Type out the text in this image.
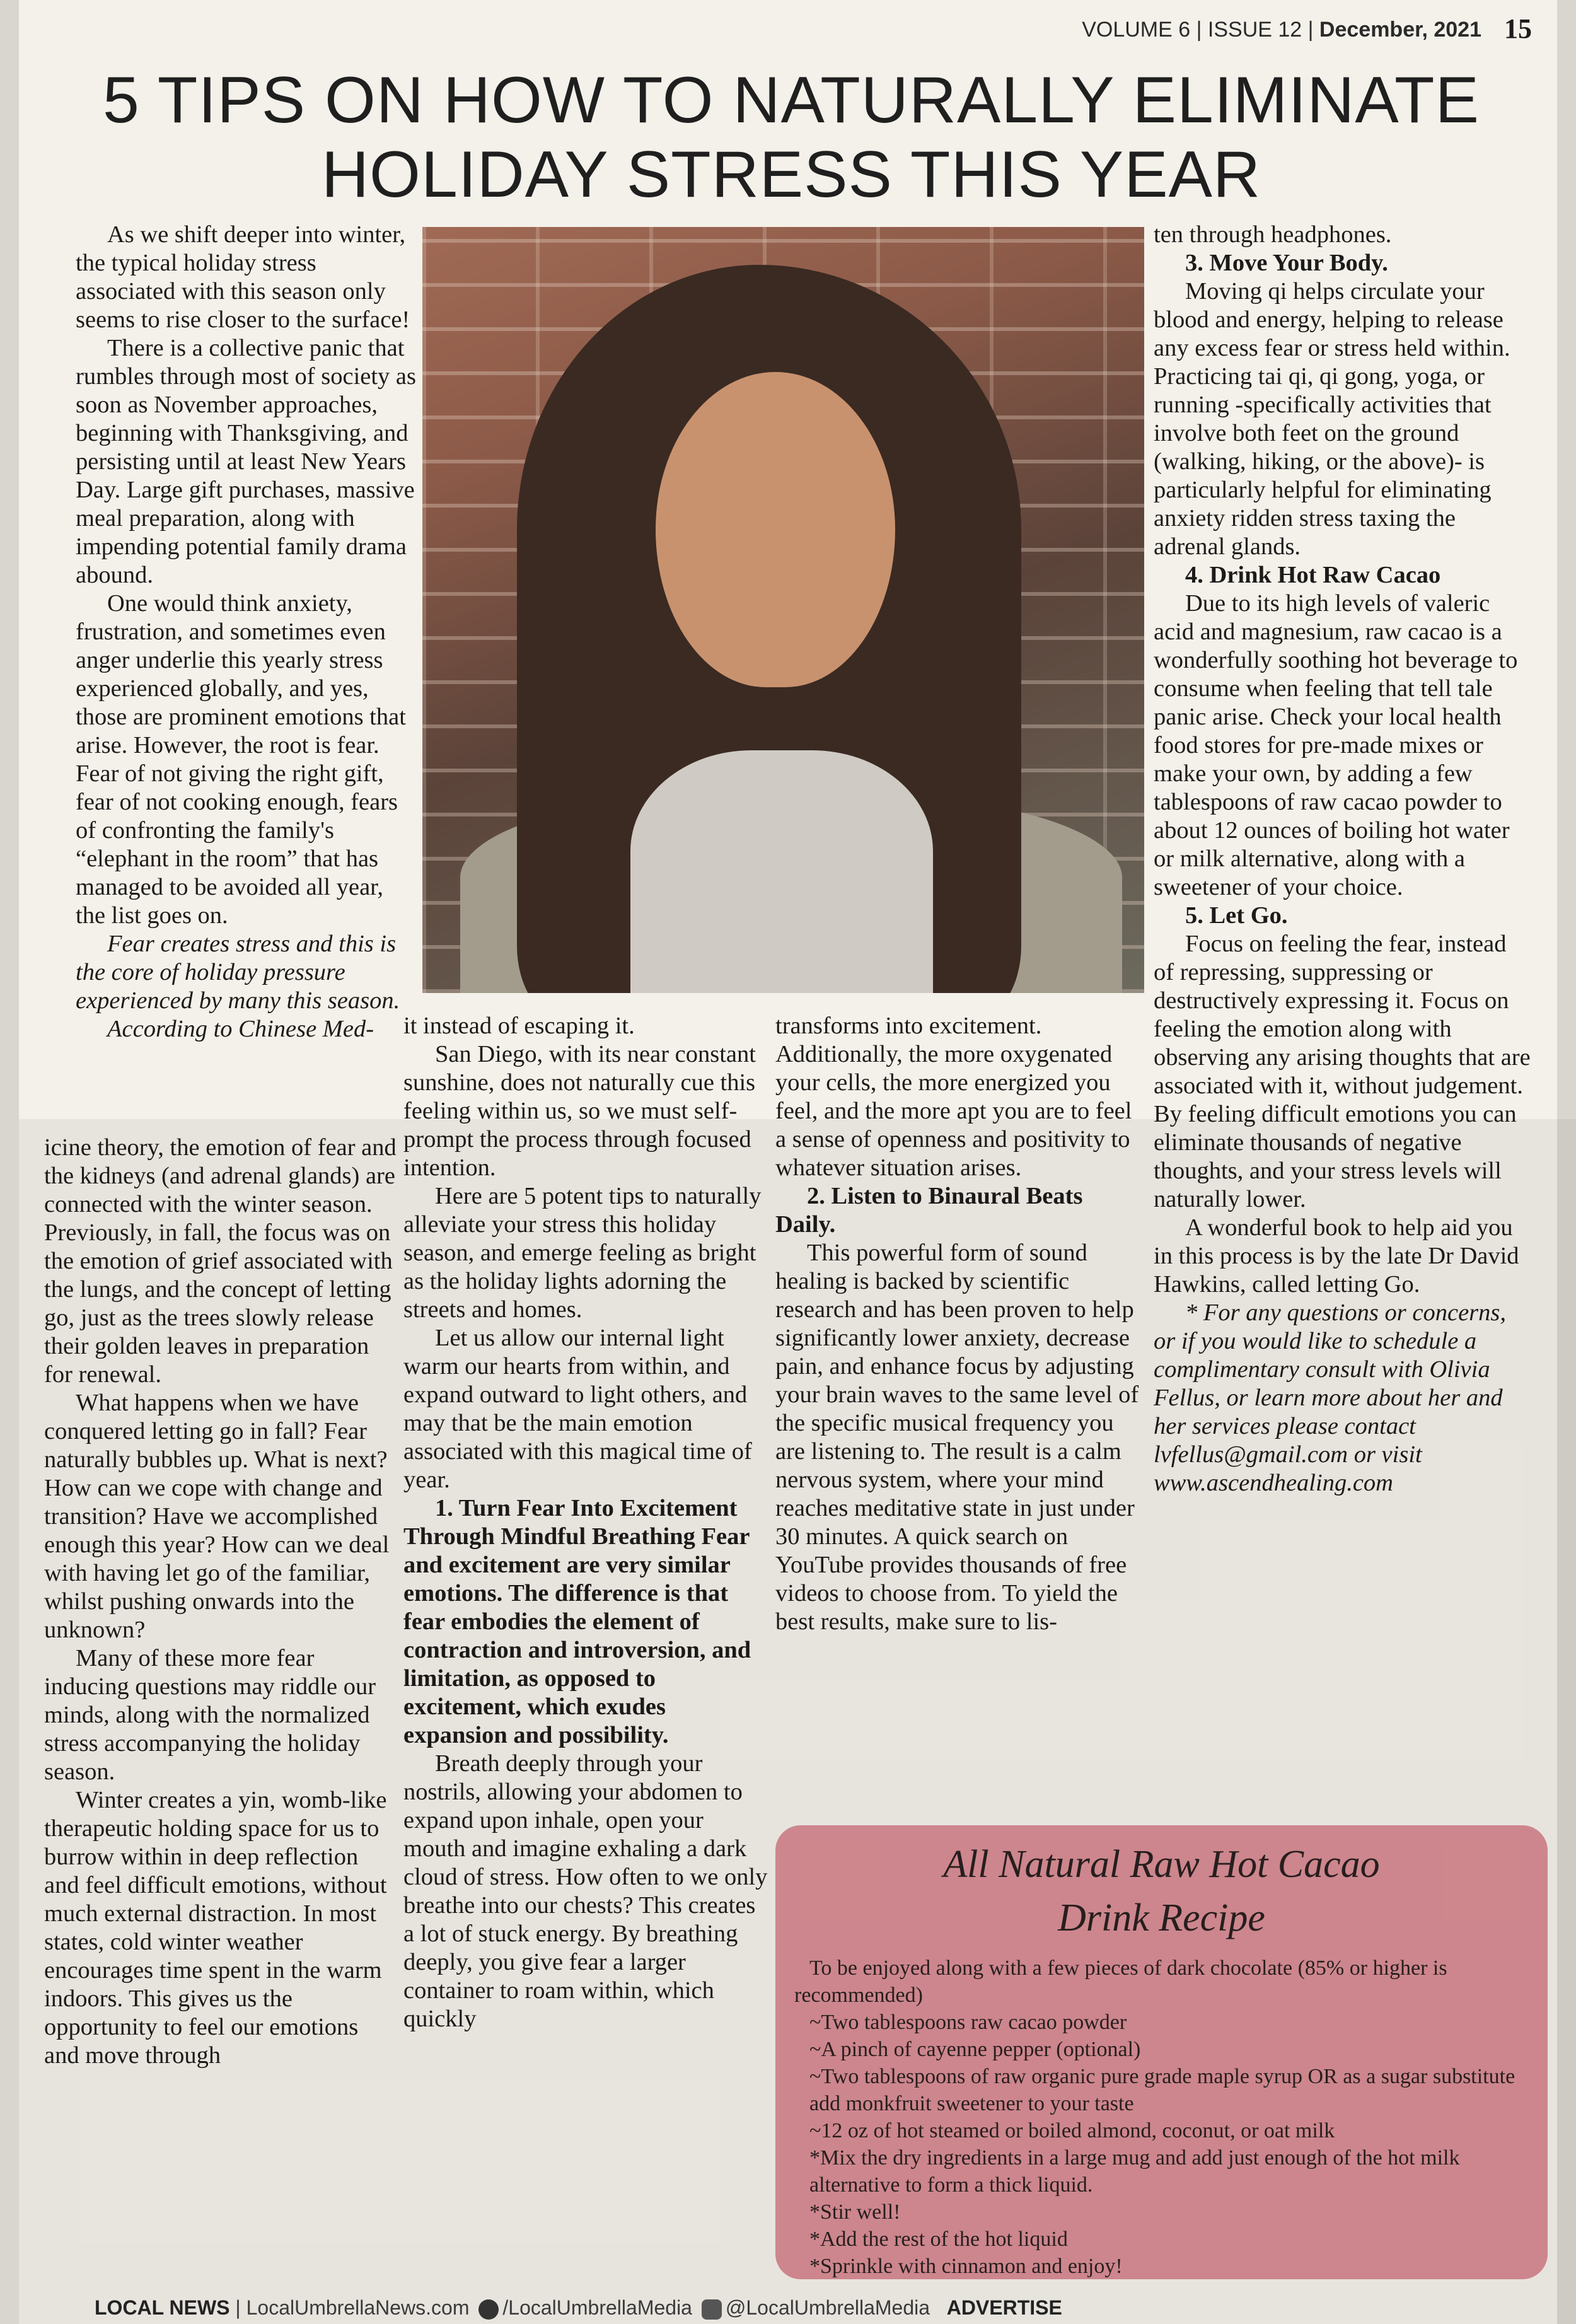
VOLUME 6 | ISSUE 12 | December, 2021 15
5 TIPS ON HOW TO NATURALLY ELIMINATE
HOLIDAY STRESS THIS YEAR

As we shift deeper into winter, the typical holiday stress associated with this season only seems to rise closer to the surface!

There is a collective panic that rumbles through most of society as soon as November approaches, beginning with Thanksgiving, and persisting until at least New Years Day. Large gift purchases, massive meal preparation, along with impending potential family drama abound.

One would think anxiety, frustration, and sometimes even anger underlie this yearly stress experienced globally, and yes, those are prominent emotions that arise. However, the root is fear. Fear of not giving the right gift, fear of not cooking enough, fears of confronting the family's “elephant in the room” that has managed to be avoided all year, the list goes on.

Fear creates stress and this is the core of holiday pressure experienced by many this season.

According to Chinese Med-

icine theory, the emotion of fear and the kidneys (and adrenal glands) are connected with the winter season. Previously, in fall, the focus was on the emotion of grief associated with the lungs, and the concept of letting go, just as the trees slowly release their golden leaves in preparation for renewal.

What happens when we have conquered letting go in fall? Fear naturally bubbles up. What is next? How can we cope with change and transition? Have we accomplished enough this year? How can we deal with having let go of the familiar, whilst pushing onwards into the unknown?

Many of these more fear inducing questions may riddle our minds, along with the normalized stress accompanying the holiday season.

Winter creates a yin, womb-like therapeutic holding space for us to burrow within in deep reflection and feel difficult emotions, without much external distraction. In most states, cold winter weather encourages time spent in the warm indoors. This gives us the opportunity to feel our emotions and move through

it instead of escaping it.

San Diego, with its near constant sunshine, does not naturally cue this feeling within us, so we must self-prompt the process through focused intention.

Here are 5 potent tips to naturally alleviate your stress this holiday season, and emerge feeling as bright as the holiday lights adorning the streets and homes.

Let us allow our internal light warm our hearts from within, and expand outward to light others, and may that be the main emotion associated with this magical time of year.

1. Turn Fear Into Excitement Through Mindful Breathing Fear and excitement are very similar emotions. The difference is that fear embodies the element of contraction and introversion, and limitation, as opposed to excitement, which exudes expansion and possibility.

Breath deeply through your nostrils, allowing your abdomen to expand upon inhale, open your mouth and imagine exhaling a dark cloud of stress. How often to we only breathe into our chests? This creates a lot of stuck energy. By breathing deeply, you give fear a larger container to roam within, which quickly

transforms into excitement. Additionally, the more oxygenated your cells, the more energized you feel, and the more apt you are to feel a sense of openness and positivity to whatever situation arises.

2. Listen to Binaural Beats Daily.

This powerful form of sound healing is backed by scientific research and has been proven to help significantly lower anxiety, decrease pain, and enhance focus by adjusting your brain waves to the same level of the specific musical frequency you are listening to. The result is a calm nervous system, where your mind reaches meditative state in just under 30 minutes. A quick search on YouTube provides thousands of free videos to choose from. To yield the best results, make sure to lis-

ten through headphones.

3. Move Your Body.

Moving qi helps circulate your blood and energy, helping to release any excess fear or stress held within. Practicing tai qi, qi gong, yoga, or running -specifically activities that involve both feet on the ground (walking, hiking, or the above)- is particularly helpful for eliminating anxiety ridden stress taxing the adrenal glands.

4. Drink Hot Raw Cacao

Due to its high levels of valeric acid and magnesium, raw cacao is a wonderfully soothing hot beverage to consume when feeling that tell tale panic arise. Check your local health food stores for pre-made mixes or make your own, by adding a few tablespoons of raw cacao powder to about 12 ounces of boiling hot water or milk alternative, along with a sweetener of your choice.

5. Let Go.

Focus on feeling the fear, instead of repressing, suppressing or destructively expressing it. Focus on feeling the emotion along with observing any arising thoughts that are associated with it, without judgement. By feeling difficult emotions you can eliminate thousands of negative thoughts, and your stress levels will naturally lower.

A wonderful book to help aid you in this process is by the late Dr David Hawkins, called letting Go.

* For any questions or concerns, or if you would like to schedule a complimentary consult with Olivia Fellus, or learn more about her and her services please contact lvfellus@gmail.com or visit www.ascendhealing.com

All Natural Raw Hot Cacao
Drink Recipe

To be enjoyed along with a few pieces of dark chocolate (85% or higher is recommended)

~Two tablespoons raw cacao powder

~A pinch of cayenne pepper (optional)

~Two tablespoons of raw organic pure grade maple syrup OR as a sugar substitute add monkfruit sweetener to your taste

~12 oz of hot steamed or boiled almond, coconut, or oat milk

*Mix the dry ingredients in a large mug and add just enough of the hot milk alternative to form a thick liquid.

*Stir well!

*Add the rest of the hot liquid

*Sprinkle with cinnamon and enjoy!

LOCAL NEWS | LocalUmbrellaNews.com /LocalUmbrellaMedia @LocalUmbrellaMedia ADVERTISE
